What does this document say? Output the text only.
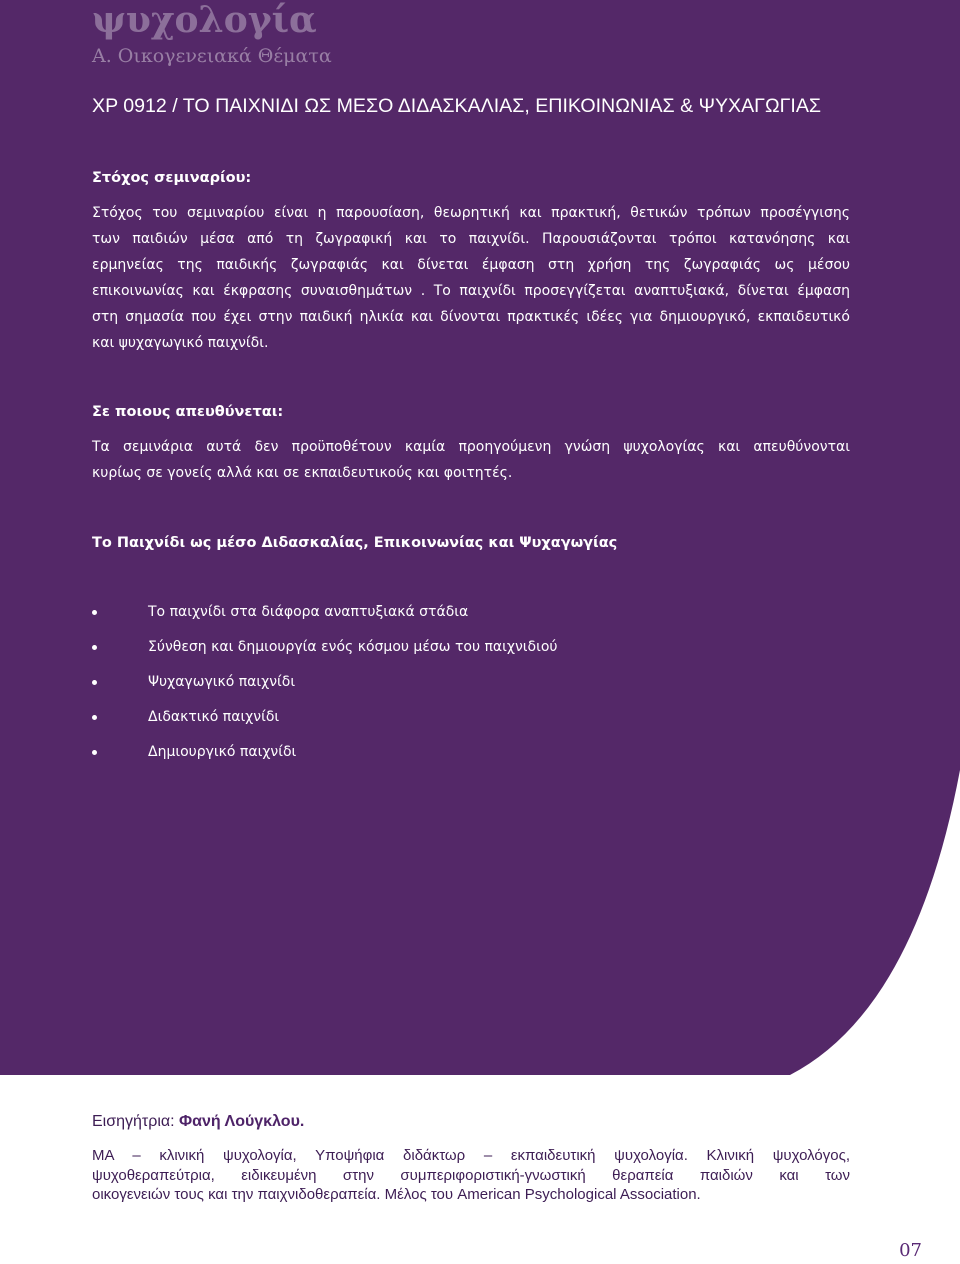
ψυχολογία
Α. Οικογενειακά Θέματα
ΧΡ 0912 / ΤΟ ΠΑΙΧΝΙΔΙ ΩΣ ΜΕΣΟ ΔΙΔΑΣΚΑΛΙΑΣ, ΕΠΙΚΟΙΝΩΝΙΑΣ & ΨΥΧΑΓΩΓΙΑΣ
Στόχος σεμιναρίου:
Στόχος του σεμιναρίου είναι η παρουσίαση, θεωρητική και πρακτική, θετικών τρόπων προσέγγισης
των παιδιών μέσα από τη ζωγραφική και το παιχνίδι. Παρουσιάζονται τρόποι κατανόησης και
ερμηνείας της παιδικής ζωγραφιάς και δίνεται έμφαση στη χρήση της ζωγραφιάς ως μέσου
επικοινωνίας και έκφρασης συναισθημάτων . Το παιχνίδι προσεγγίζεται αναπτυξιακά, δίνεται έμφαση
στη σημασία που έχει στην παιδική ηλικία και δίνονται πρακτικές ιδέες για δημιουργικό, εκπαιδευτικό
και ψυχαγωγικό παιχνίδι.
Σε ποιους απευθύνεται:
Τα σεμινάρια αυτά δεν προϋποθέτουν καμία προηγούμενη γνώση ψυχολογίας και απευθύνονται
κυρίως σε γονείς αλλά και σε εκπαιδευτικούς και φοιτητές.
Το Παιχνίδι ως μέσο Διδασκαλίας, Επικοινωνίας και Ψυχαγωγίας
Το παιχνίδι στα διάφορα αναπτυξιακά στάδια
Σύνθεση και δημιουργία ενός κόσμου μέσω του παιχνιδιού
Ψυχαγωγικό παιχνίδι
Διδακτικό παιχνίδι
Δημιουργικό παιχνίδι
Εισηγήτρια: Φανή Λούγκλου.
MA – κλινική ψυχολογία, Υποψήφια διδάκτωρ – εκπαιδευτική ψυχολογία. Κλινική ψυχολόγος,
ψυχοθεραπεύτρια, ειδικευμένη στην συμπεριφοριστική-γνωστική θεραπεία παιδιών και των
οικογενειών τους και την παιχνιδοθεραπεία. Μέλος του American Psychological Association.
07
